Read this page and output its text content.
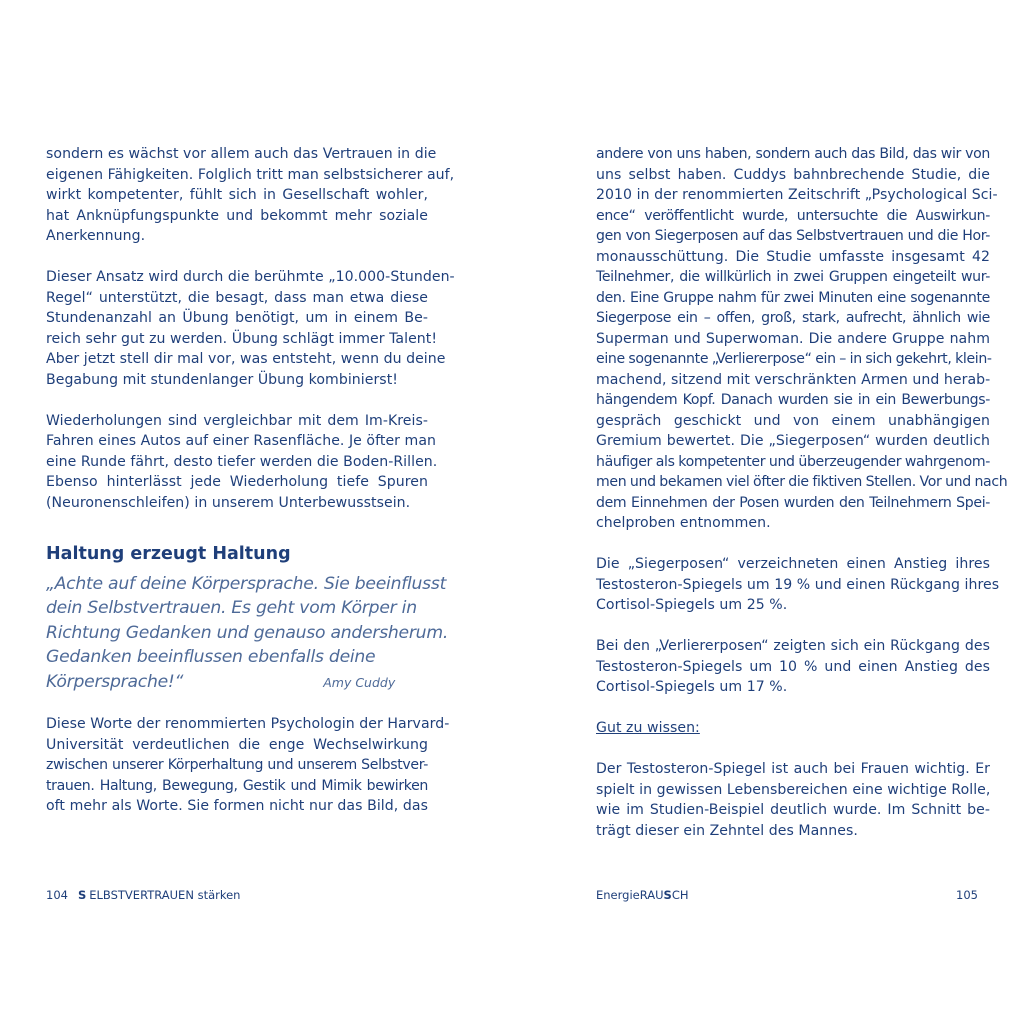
sondern es wächst vor allem auch das Vertrauen in die
eigenen Fähigkeiten. Folglich tritt man selbstsicherer auf,
wirkt kompetenter, fühlt sich in Gesellschaft wohler,
hat Anknüpfungspunkte und bekommt mehr soziale
Anerkennung.
Dieser Ansatz wird durch die berühmte „10.000-Stunden-
Regel“ unterstützt, die besagt, dass man etwa diese
Stundenanzahl an Übung benötigt, um in einem Be-
reich sehr gut zu werden. Übung schlägt immer Talent!
Aber jetzt stell dir mal vor, was entsteht, wenn du deine
Begabung mit stundenlanger Übung kombinierst!
Wiederholungen sind vergleichbar mit dem Im-Kreis-
Fahren eines Autos auf einer Rasenfläche. Je öfter man
eine Runde fährt, desto tiefer werden die Boden-Rillen.
Ebenso hinterlässt jede Wiederholung tiefe Spuren
(Neuronenschleifen) in unserem Unterbewusstsein.
Haltung erzeugt Haltung
„Achte auf deine Körpersprache. Sie beeinflusst
dein Selbstvertrauen. Es geht vom Körper in
Richtung Gedanken und genauso andersherum.
Gedanken beeinflussen ebenfalls deine
Körpersprache!“	Amy Cuddy
Diese Worte der renommierten Psychologin der Harvard-
Universität verdeutlichen die enge Wechselwirkung
zwischen unserer Körperhaltung und unserem Selbstver-
trauen. Haltung, Bewegung, Gestik und Mimik bewirken
oft mehr als Worte. Sie formen nicht nur das Bild, das
104 S ELBSTVERTRAUEN stärken
andere von uns haben, sondern auch das Bild, das wir von
uns selbst haben. Cuddys bahnbrechende Studie, die
2010 in der renommierten Zeitschrift „Psychological Sci-
ence“ veröffentlicht wurde, untersuchte die Auswirkun-
gen von Siegerposen auf das Selbstvertrauen und die Hor-
monausschüttung. Die Studie umfasste insgesamt 42
Teilnehmer, die willkürlich in zwei Gruppen eingeteilt wur-
den. Eine Gruppe nahm für zwei Minuten eine sogenannte
Siegerpose ein – offen, groß, stark, aufrecht, ähnlich wie
Superman und Superwoman. Die andere Gruppe nahm
eine sogenannte „Verliererpose“ ein – in sich gekehrt, klein-
machend, sitzend mit verschränkten Armen und herab-
hängendem Kopf. Danach wurden sie in ein Bewerbungs-
gespräch geschickt und von einem unabhängigen
Gremium bewertet. Die „Siegerposen“ wurden deutlich
häufiger als kompetenter und überzeugender wahrgenom-
men und bekamen viel öfter die fiktiven Stellen. Vor und nach
dem Einnehmen der Posen wurden den Teilnehmern Spei-
chelproben entnommen.
Die „Siegerposen“ verzeichneten einen Anstieg ihres
Testosteron-Spiegels um 19 % und einen Rückgang ihres
Cortisol-Spiegels um 25 %.
Bei den „Verliererposen“ zeigten sich ein Rückgang des
Testosteron-Spiegels um 10 % und einen Anstieg des
Cortisol-Spiegels um 17 %.
Gut zu wissen:
Der Testosteron-Spiegel ist auch bei Frauen wichtig. Er
spielt in gewissen Lebensbereichen eine wichtige Rolle,
wie im Studien-Beispiel deutlich wurde. Im Schnitt be-
trägt dieser ein Zehntel des Mannes.
EnergieRAUSCH	105
